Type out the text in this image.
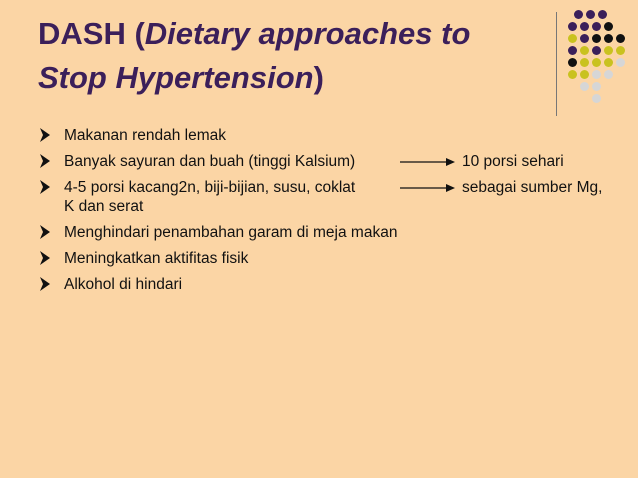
DASH (Dietary approaches to
Stop Hypertension)
Makanan rendah lemak
Banyak sayuran dan buah (tinggi Kalsium)	10 porsi sehari
4-5 porsi kacang2n, biji-bijian, susu, coklat	sebagai sumber Mg,
K dan serat
Menghindari penambahan garam di meja makan
Meningkatkan aktifitas fisik
Alkohol di hindari
